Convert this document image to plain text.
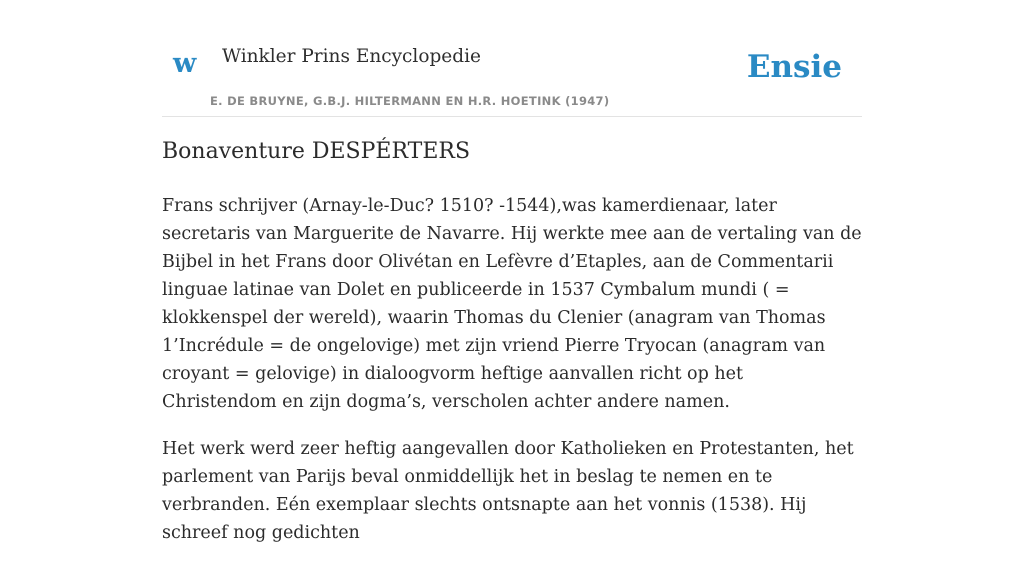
w Winkler Prins Encyclopedie
E. DE BRUYNE, G.B.J. HILTERMANN EN H.R. HOETINK (1947)
Ensie
Bonaventure DESPÉRTERS

Frans schrijver (Arnay-le-Duc? 1510? -1544),was kamerdienaar, later secretaris van Marguerite de Navarre. Hij werkte mee aan de vertaling van de Bijbel in het Frans door Olivétan en Lefèvre d’Etaples, aan de Commentarii linguae latinae van Dolet en publiceerde in 1537 Cymbalum mundi ( = klokkenspel der wereld), waarin Thomas du Clenier (anagram van Thomas 1’Incrédule = de ongelovige) met zijn vriend Pierre Tryocan (anagram van croyant = gelovige) in dialoogvorm heftige aanvallen richt op het Christendom en zijn dogma’s, verscholen achter andere namen.

Het werk werd zeer heftig aangevallen door Katholieken en Protestanten, het parlement van Parijs beval onmiddellijk het in beslag te nemen en te verbranden. Eén exemplaar slechts ontsnapte aan het vonnis (1538). Hij schreef nog gedichten
